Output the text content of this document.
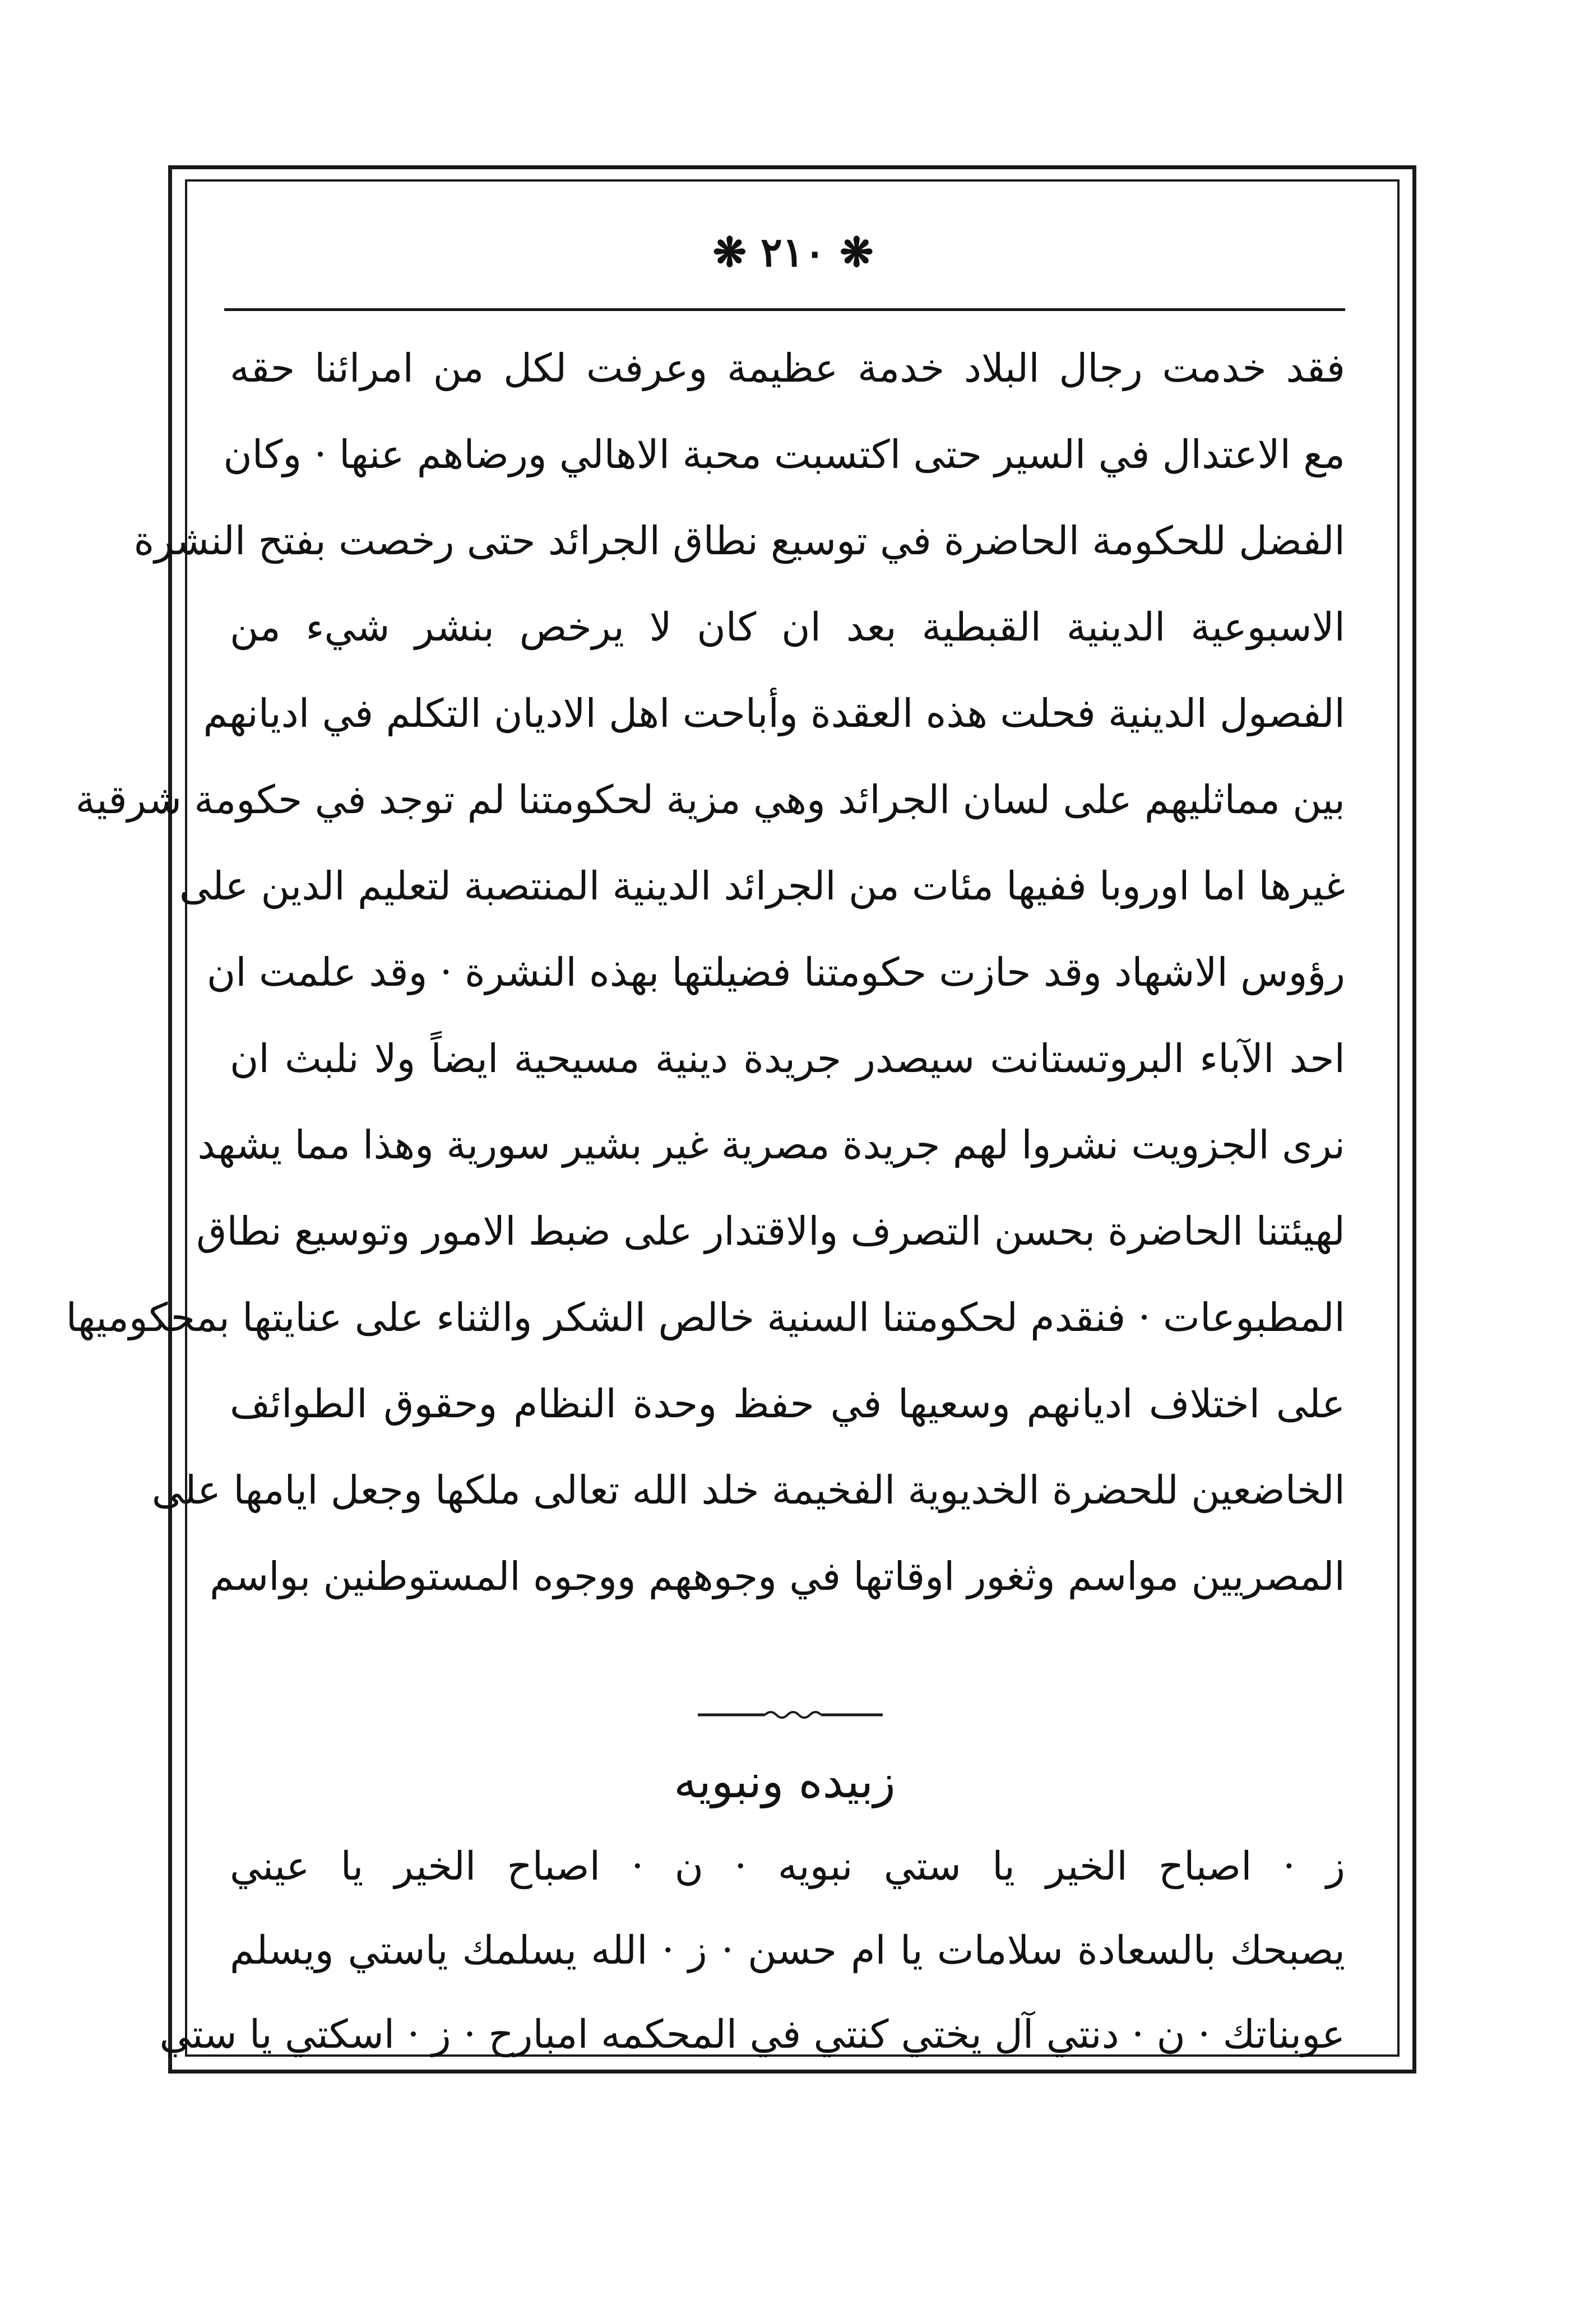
❋ ٢١٠ ❋
فقد خدمت رجال البلاد خدمة عظيمة وعرفت لكل من امرائنا حقه
مع الاعتدال في السير حتى اكتسبت محبة الاهالي ورضاهم عنها · وكان
الفضل للحكومة الحاضرة في توسيع نطاق الجرائد حتى رخصت بفتح النشرة
الاسبوعية الدينية القبطية بعد ان كان لا يرخص بنشر شيء من
الفصول الدينية فحلت هذه العقدة وأباحت اهل الاديان التكلم في اديانهم
بين مماثليهم على لسان الجرائد وهي مزية لحكومتنا لم توجد في حكومة شرقية
غيرها اما اوروبا ففيها مئات من الجرائد الدينية المنتصبة لتعليم الدين على
رؤوس الاشهاد وقد حازت حكومتنا فضيلتها بهذه النشرة · وقد علمت ان
احد الآباء البروتستانت سيصدر جريدة دينية مسيحية ايضاً ولا نلبث ان
نرى الجزويت نشروا لهم جريدة مصرية غير بشير سورية وهذا مما يشهد
لهيئتنا الحاضرة بحسن التصرف والاقتدار على ضبط الامور وتوسيع نطاق
المطبوعات · فنقدم لحكومتنا السنية خالص الشكر والثناء على عنايتها بمحكوميها
على اختلاف اديانهم وسعيها في حفظ وحدة النظام وحقوق الطوائف
الخاضعين للحضرة الخديوية الفخيمة خلد الله تعالى ملكها وجعل ايامها على
المصريين مواسم وثغور اوقاتها في وجوههم ووجوه المستوطنين بواسم
زبيده ونبويه
ز · اصباح الخير يا ستي نبويه · ن · اصباح الخير يا عيني
يصبحك بالسعادة سلامات يا ام حسن · ز · الله يسلمك ياستي ويسلم
عوبناتك · ن · دنتي آل يختي كنتي في المحكمه امبارح · ز · اسكتي يا ستي
